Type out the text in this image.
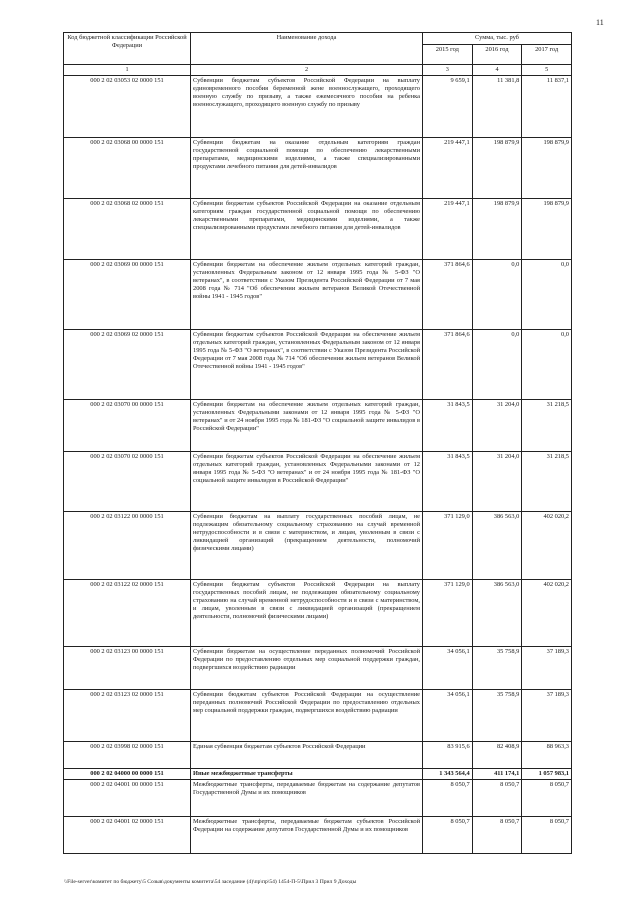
11
Код бюджетной классификации Российской Федерации	Наименование дохода	Сумма, тыс. руб		
		2015 год	2016 год	2017 год
1	2	3	4	5
000 2 02 03053 02 0000 151	Субвенции бюджетам субъектов Российской Федерации на выплату единовременного пособия беременной жене военнослужащего, проходящего военную службу по призыву, а также ежемесячного пособия на ребенка военнослужащего, проходящего военную службу по призыву	9 659,1	11 381,8	11 837,1
000 2 02 03068 00 0000 151	Субвенции бюджетам на оказание отдельным категориям граждан государственной социальной помощи по обеспечению лекарственными препаратами, медицинскими изделиями, а также специализированными продуктами лечебного питания для детей-инвалидов	219 447,1	198 879,9	198 879,9
000 2 02 03068 02 0000 151	Субвенции бюджетам субъектов Российской Федерации на оказание отдельным категориям граждан государственной социальной помощи по обеспечению лекарственными препаратами, медицинскими изделиями, а также специализированными продуктами лечебного питания для детей-инвалидов	219 447,1	198 879,9	198 879,9
000 2 02 03069 00 0000 151	Субвенции бюджетам на обеспечение жильем отдельных категорий граждан, установленных Федеральным законом от 12 января 1995 года № 5-ФЗ "О ветеранах", в соответствии с Указом Президента Российской Федерации от 7 мая 2008 года № 714 "Об обеспечении жильем ветеранов Великой Отечественной войны 1941 - 1945 годов"	371 864,6	0,0	0,0
000 2 02 03069 02 0000 151	Субвенции бюджетам субъектов Российской Федерации на обеспечение жильем отдельных категорий граждан, установленных Федеральным законом от 12 января 1995 года № 5-ФЗ "О ветеранах", в соответствии с Указом Президента Российской Федерации от 7 мая 2008 года № 714 "Об обеспечении жильем ветеранов Великой Отечественной войны 1941 - 1945 годов"	371 864,6	0,0	0,0
000 2 02 03070 00 0000 151	Субвенции бюджетам на обеспечение жильем отдельных категорий граждан, установленных Федеральными законами от 12 января 1995 года № 5-ФЗ "О ветеранах" и от 24 ноября 1995 года № 181-ФЗ "О социальной защите инвалидов в Российской Федерации"	31 843,5	31 204,0	31 218,5
000 2 02 03070 02 0000 151	Субвенции бюджетам субъектов Российской Федерации на обеспечение жильем отдельных категорий граждан, установленных Федеральными законами от 12 января 1995 года № 5-ФЗ "О ветеранах" и от 24 ноября 1995 года № 181-ФЗ "О социальной защите инвалидов в Российской Федерации"	31 843,5	31 204,0	31 218,5
000 2 02 03122 00 0000 151	Субвенции бюджетам на выплату государственных пособий лицам, не подлежащим обязательному социальному страхованию на случай временной нетрудоспособности и в связи с материнством, и лицам, уволенным в связи с ликвидацией организаций (прекращением деятельности, полномочий физическими лицами)	371 129,0	386 563,0	402 020,2
000 2 02 03122 02 0000 151	Субвенции бюджетам субъектов Российской Федерации на выплату государственных пособий лицам, не подлежащим обязательному социальному страхованию на случай временной нетрудоспособности и в связи с материнством, и лицам, уволенным в связи с ликвидацией организаций (прекращением деятельности, полномочий физическими лицами)	371 129,0	386 563,0	402 020,2
000 2 02 03123 00 0000 151	Субвенции бюджетам на осуществление переданных полномочий Российской Федерации по предоставлению отдельных мер социальной поддержки граждан, подвергшихся воздействию радиации	34 056,1	35 758,9	37 189,3
000 2 02 03123 02 0000 151	Субвенции бюджетам субъектов Российской Федерации на осуществление переданных полномочий Российской Федерации по предоставлению отдельных мер социальной поддержки граждан, подвергшихся воздействию радиации	34 056,1	35 758,9	37 189,3
000 2 02 03998 02 0000 151	Единая субвенция бюджетам субъектов Российской Федерации	83 915,6	82 408,9	88 963,3
000 2 02 04000 00 0000 151	Иные межбюджетные трансферты	1 343 564,4	411 174,1	1 057 983,1
000 2 02 04001 00 0000 151	Межбюджетные трансферты, передаваемые бюджетам на содержание депутатов Государственной Думы и их помощников	8 050,7	8 050,7	8 050,7
000 2 02 04001 02 0000 151	Межбюджетные трансферты, передаваемые бюджетам субъектов Российской Федерации на содержание депутатов Государственной Думы и их помощников	8 050,7	8 050,7	8 050,7
\\File-server\комитет по бюджету\5 Созыв\документы комитета\54 заседание (4)\пр\пр\54) 1454-П-5\Прил 3 Прил 9 Доходы
